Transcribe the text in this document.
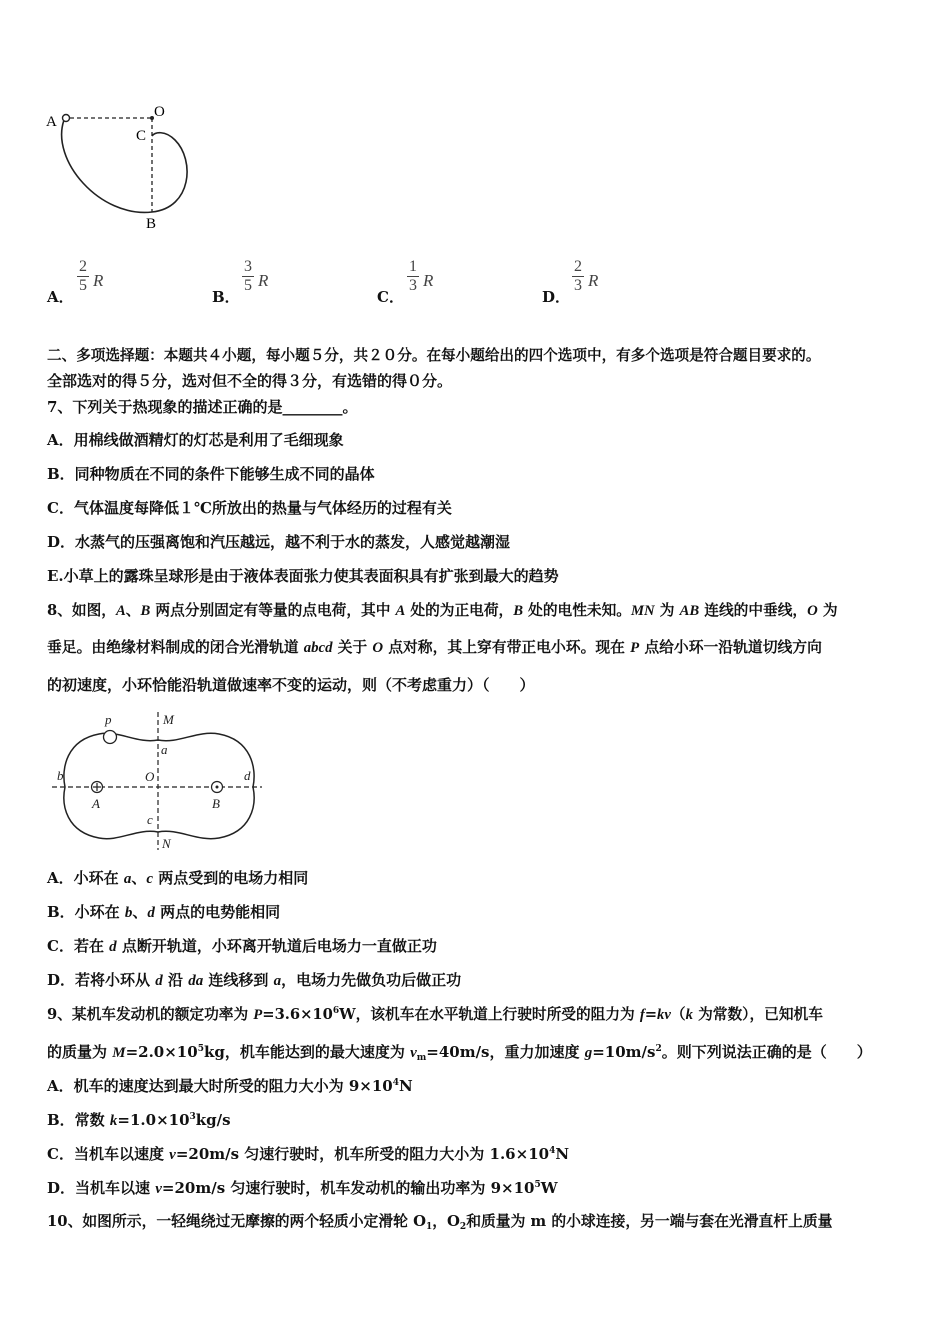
A
O
C
B
A．
$\frac{2}{5}$ R
B．
$\frac{3}{5}$ R
C．
$\frac{1}{3}$ R
D．
$\frac{2}{3}$ R
二、多项选择题：本题共４小题，每小题５分，共２０分。在每小题给出的四个选项中，有多个选项是符合题目要求的。
全部选对的得５分，选对但不全的得３分，有选错的得０分。
7、下列关于热现象的描述正确的是________。
A．用棉线做酒精灯的灯芯是利用了毛细现象
B．同种物质在不同的条件下能够生成不同的晶体
C．气体温度每降低１℃所放出的热量与气体经历的过程有关
D．水蒸气的压强离饱和汽压越远，越不利于水的蒸发，人感觉越潮湿
E.小草上的露珠呈球形是由于液体表面张力使其表面积具有扩张到最大的趋势
8、如图，A、B 两点分别固定有等量的点电荷，其中 A 处的为正电荷，B 处的电性未知。MN 为 AB 连线的中垂线，O 为
垂足。由绝缘材料制成的闭合光滑轨道 abcd 关于 O 点对称，其上穿有带正电小环。现在 P 点给小环一沿轨道切线方向
的初速度，小环恰能沿轨道做速率不变的运动，则（不考虑重力）（　　）
p	M
a
b	O	d
A	B
c
N
A．小环在 a、c 两点受到的电场力相同
B．小环在 b、d 两点的电势能相同
C．若在 d 点断开轨道，小环离开轨道后电场力一直做正功
D．若将小环从 d 沿 da 连线移到 a，电场力先做负功后做正功
9、某机车发动机的额定功率为 $P=3.6\times 10^6W$，该机车在水平轨道上行驶时所受的阻力为 f=kv（k 为常数），已知机车
的质量为 $M=2.0\times 10^5kg$，机车能达到的最大速度为 $v_m=40m/s$，重力加速度 $g=10m/s^2$。则下列说法正确的是（　　）
A．机车的速度达到最大时所受的阻力大小为 $9\times 10^4N$
B．常数 $k=1.0\times 10^3kg/s$
C．当机车以速度 v=20m/s 匀速行驶时，机车所受的阻力大小为 $1.6\times 10^4N$
D．当机车以速 v=20m/s 匀速行驶时，机车发动机的输出功率为 $9\times 10^5W$
10、如图所示，一轻绳绕过无摩擦的两个轻质小定滑轮 $O_1$，$O_2$和质量为 m 的小球连接，另一端与套在光滑直杆上质量
